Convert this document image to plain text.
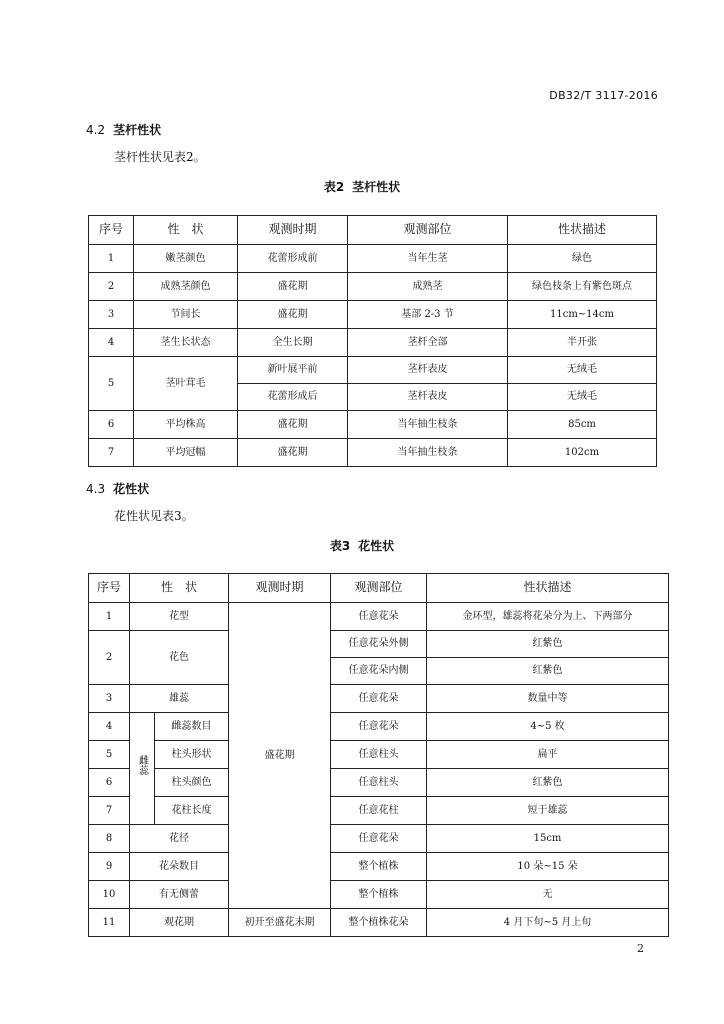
DB32/T 3117-2016
4.2 茎杆性状
茎杆性状见表2。
表2 茎杆性状
序号	性　状	观测时期	观测部位	性状描述
1	嫩茎颜色	花蕾形成前	当年生茎	绿色
2	成熟茎颜色	盛花期	成熟茎	绿色枝条上有紫色斑点
3	节间长	盛花期	基部 2-3 节	11cm~14cm
4	茎生长状态	全生长期	茎杆全部	半开张
5	茎叶茸毛	新叶展平前	茎杆表皮	无绒毛
		花蕾形成后	茎杆表皮	无绒毛
6	平均株高	盛花期	当年抽生枝条	85cm
7	平均冠幅	盛花期	当年抽生枝条	102cm
4.3 花性状
花性状见表3。
表3 花性状
序号	性　状		观测时期	观测部位	性状描述
1	花型		盛花期	任意花朵	金环型，雄蕊将花朵分为上、下两部分
2	花色			任意花朵外侧	红紫色
				任意花朵内侧	红紫色
3	雄蕊			任意花朵	数量中等
4	雌蕊	雌蕊数目		任意花朵	4~5 枚
5		柱头形状		任意柱头	扁平
6		柱头颜色		任意柱头	红紫色
7		花柱长度		任意花柱	短于雄蕊
8	花径			任意花朵	15cm
9	花朵数目			整个植株	10 朵~15 朵
10	有无侧蕾			整个植株	无
11	观花期		初开至盛花末期	整个植株花朵	4 月下旬~5 月上旬
2
